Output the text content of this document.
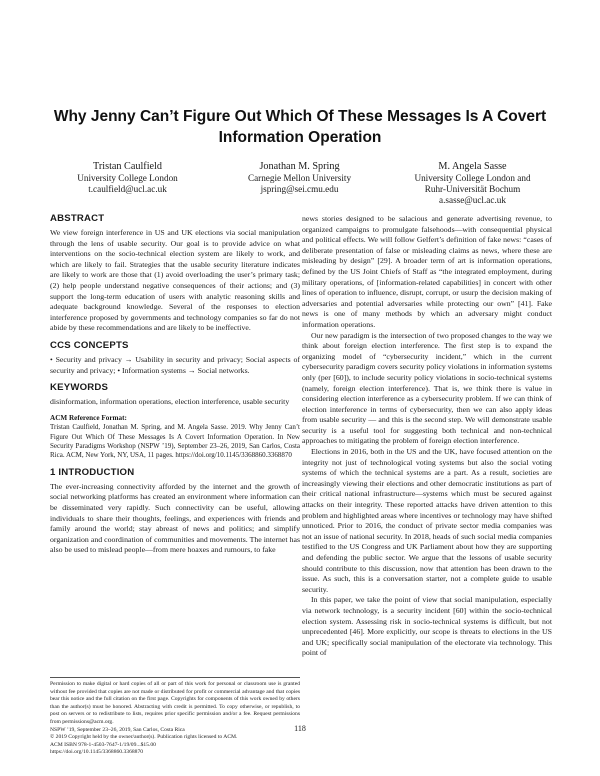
Why Jenny Can’t Figure Out Which Of These Messages Is A Covert Information Operation
Tristan Caulfield
University College London
t.caulfield@ucl.ac.uk
Jonathan M. Spring
Carnegie Mellon University
jspring@sei.cmu.edu
M. Angela Sasse
University College London and
Ruhr-Universität Bochum
a.sasse@ucl.ac.uk
ABSTRACT

We view foreign interference in US and UK elections via social manipulation through the lens of usable security. Our goal is to provide advice on what interventions on the socio-technical election system are likely to work, and which are likely to fail. Strategies that the usable security literature indicates are likely to work are those that (1) avoid overloading the user’s primary task; (2) help people understand negative consequences of their actions; and (3) support the long-term education of users with analytic reasoning skills and adequate background knowledge. Several of the responses to election interference proposed by governments and technology companies so far do not abide by these recommendations and are likely to be ineffective.

CCS CONCEPTS

• Security and privacy → Usability in security and privacy; Social aspects of security and privacy; • Information systems → Social networks.

KEYWORDS

disinformation, information operations, election interference, usable security

ACM Reference Format:

Tristan Caulfield, Jonathan M. Spring, and M. Angela Sasse. 2019. Why Jenny Can’t Figure Out Which Of These Messages Is A Covert Information Operation. In New Security Paradigms Workshop (NSPW ’19), September 23–26, 2019, San Carlos, Costa Rica. ACM, New York, NY, USA, 11 pages. https://doi.org/10.1145/3368860.3368870

1 INTRODUCTION

The ever-increasing connectivity afforded by the internet and the growth of social networking platforms has created an environment where information can be disseminated very rapidly. Such connectivity can be useful, allowing individuals to share their thoughts, feelings, and experiences with friends and family around the world; stay abreast of news and politics; and simplify organization and coordination of communities and movements. The internet has also be used to mislead people—from mere hoaxes and rumours, to fake

Permission to make digital or hard copies of all or part of this work for personal or classroom use is granted without fee provided that copies are not made or distributed for profit or commercial advantage and that copies bear this notice and the full citation on the first page. Copyrights for components of this work owned by others than the author(s) must be honored. Abstracting with credit is permitted. To copy otherwise, or republish, to post on servers or to redistribute to lists, requires prior specific permission and/or a fee. Request permissions from permissions@acm.org.

NSPW ’19, September 23–26, 2019, San Carlos, Costa Rica

© 2019 Copyright held by the owner/author(s). Publication rights licensed to ACM.

ACM ISBN 978-1-4503-7647-1/19/09...$15.00

https://doi.org/10.1145/3368860.3368870

news stories designed to be salacious and generate advertising revenue, to organized campaigns to promulgate falsehoods—with consequential physical and political effects. We will follow Gelfert’s definition of fake news: “cases of deliberate presentation of false or misleading claims as news, where these are misleading by design” [29]. A broader term of art is information operations, defined by the US Joint Chiefs of Staff as “the integrated employment, during military operations, of [information-related capabilities] in concert with other lines of operation to influence, disrupt, corrupt, or usurp the decision making of adversaries and potential adversaries while protecting our own” [41]. Fake news is one of many methods by which an adversary might conduct information operations.

Our new paradigm is the intersection of two proposed changes to the way we think about foreign election interference. The first step is to expand the organizing model of “cybersecurity incident,” which in the current cybersecurity paradigm covers security policy violations in information systems only (per [60]), to include security policy violations in socio-technical systems (namely, foreign election interference). That is, we think there is value in considering election interference as a cybersecurity problem. If we can think of election interference in terms of cybersecurity, then we can also apply ideas from usable security — and this is the second step. We will demonstrate usable security is a useful tool for suggesting both technical and non-technical approaches to mitigating the problem of foreign election interference.

Elections in 2016, both in the US and the UK, have focused attention on the integrity not just of technological voting systems but also the social voting systems of which the technical systems are a part. As a result, societies are increasingly viewing their elections and other democratic institutions as part of their critical national infrastructure—systems which must be secured against attacks on their integrity. These reported attacks have driven attention to this problem and highlighted areas where incentives or technology may have shifted unnoticed. Prior to 2016, the conduct of private sector media companies was not an issue of national security. In 2018, heads of such social media companies testified to the US Congress and UK Parliament about how they are supporting and defending the public sector. We argue that the lessons of usable security should contribute to this discussion, now that attention has been drawn to the issue. As such, this is a conversation starter, not a complete guide to usable security.

In this paper, we take the point of view that social manipulation, especially via network technology, is a security incident [60] within the socio-technical election system. Assessing risk in socio-technical systems is difficult, but not unprecedented [46]. More explicitly, our scope is threats to elections in the US and UK; specifically social manipulation of the electorate via technology. This point of

118
